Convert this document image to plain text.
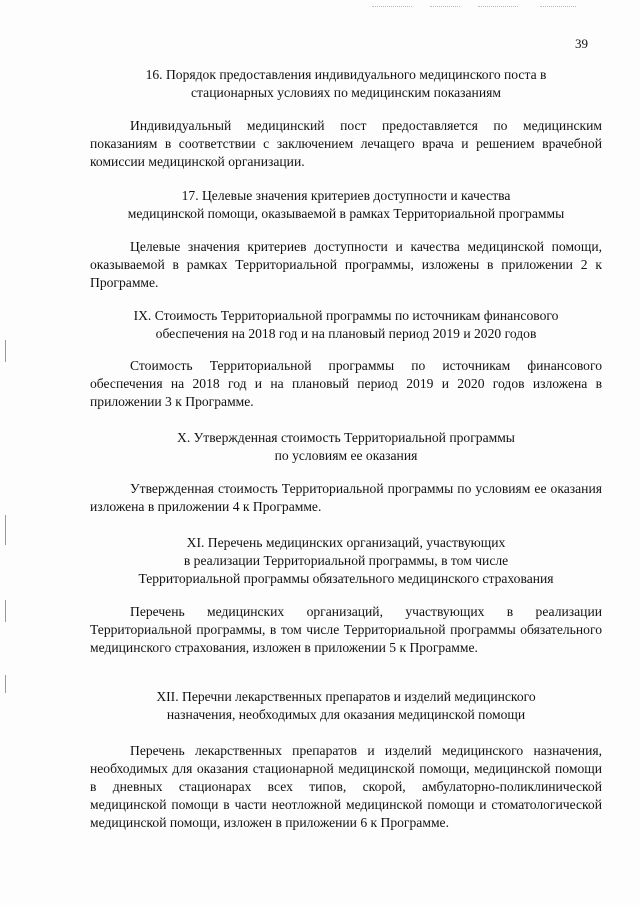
39
16. Порядок предоставления индивидуального медицинского поста в
стационарных условиях по медицинским показаниям
Индивидуальный медицинский пост предоставляется по медицинским показаниям в соответствии с заключением лечащего врача и решением врачебной комиссии медицинской организации.
17. Целевые значения критериев доступности и качества
медицинской помощи, оказываемой в рамках Территориальной программы
Целевые значения критериев доступности и качества медицинской помощи, оказываемой в рамках Территориальной программы, изложены в приложении 2 к Программе.
IX. Стоимость Территориальной программы по источникам финансового
обеспечения на 2018 год и на плановый период 2019 и 2020 годов
Стоимость Территориальной программы по источникам финансового обеспечения на 2018 год и на плановый период 2019 и 2020 годов изложена в приложении 3 к Программе.
X. Утвержденная стоимость Территориальной программы
по условиям ее оказания
Утвержденная стоимость Территориальной программы по условиям ее оказания изложена в приложении 4 к Программе.
XI. Перечень медицинских организаций, участвующих
в реализации Территориальной программы, в том числе
Территориальной программы обязательного медицинского страхования
Перечень медицинских организаций, участвующих в реализации Территориальной программы, в том числе Территориальной программы обязательного медицинского страхования, изложен в приложении 5 к Программе.
XII. Перечни лекарственных препаратов и изделий медицинского
назначения, необходимых для оказания медицинской помощи
Перечень лекарственных препаратов и изделий медицинского назначения, необходимых для оказания стационарной медицинской помощи, медицинской помощи в дневных стационарах всех типов, скорой, амбулаторно-поликлинической медицинской помощи в части неотложной медицинской помощи и стоматологической медицинской помощи, изложен в приложении 6 к Программе.
